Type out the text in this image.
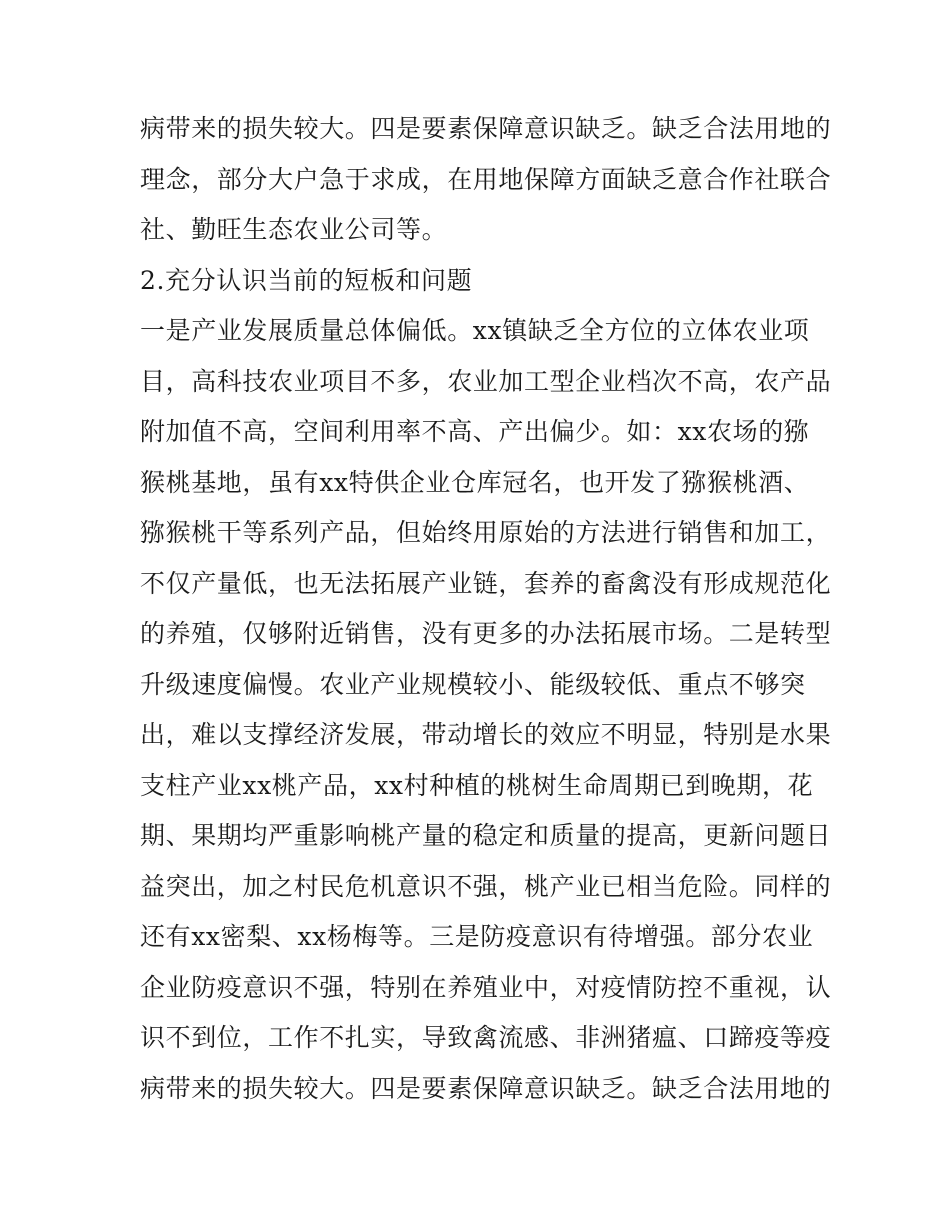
病带来的损失较大。四是要素保障意识缺乏。缺乏合法用地的
理念，部分大户急于求成，在用地保障方面缺乏意合作社联合
社、勤旺生态农业公司等。
2.充分认识当前的短板和问题
一是产业发展质量总体偏低。xx镇缺乏全方位的立体农业项
目，高科技农业项目不多，农业加工型企业档次不高，农产品
附加值不高，空间利用率不高、产出偏少。如：xx农场的猕
猴桃基地，虽有xx特供企业仓库冠名，也开发了猕猴桃酒、
猕猴桃干等系列产品，但始终用原始的方法进行销售和加工，
不仅产量低，也无法拓展产业链，套养的畜禽没有形成规范化
的养殖，仅够附近销售，没有更多的办法拓展市场。二是转型
升级速度偏慢。农业产业规模较小、能级较低、重点不够突
出，难以支撑经济发展，带动增长的效应不明显，特别是水果
支柱产业xx桃产品，xx村种植的桃树生命周期已到晚期，花
期、果期均严重影响桃产量的稳定和质量的提高，更新问题日
益突出，加之村民危机意识不强，桃产业已相当危险。同样的
还有xx密梨、xx杨梅等。三是防疫意识有待增强。部分农业
企业防疫意识不强，特别在养殖业中，对疫情防控不重视，认
识不到位，工作不扎实，导致禽流感、非洲猪瘟、口蹄疫等疫
病带来的损失较大。四是要素保障意识缺乏。缺乏合法用地的
